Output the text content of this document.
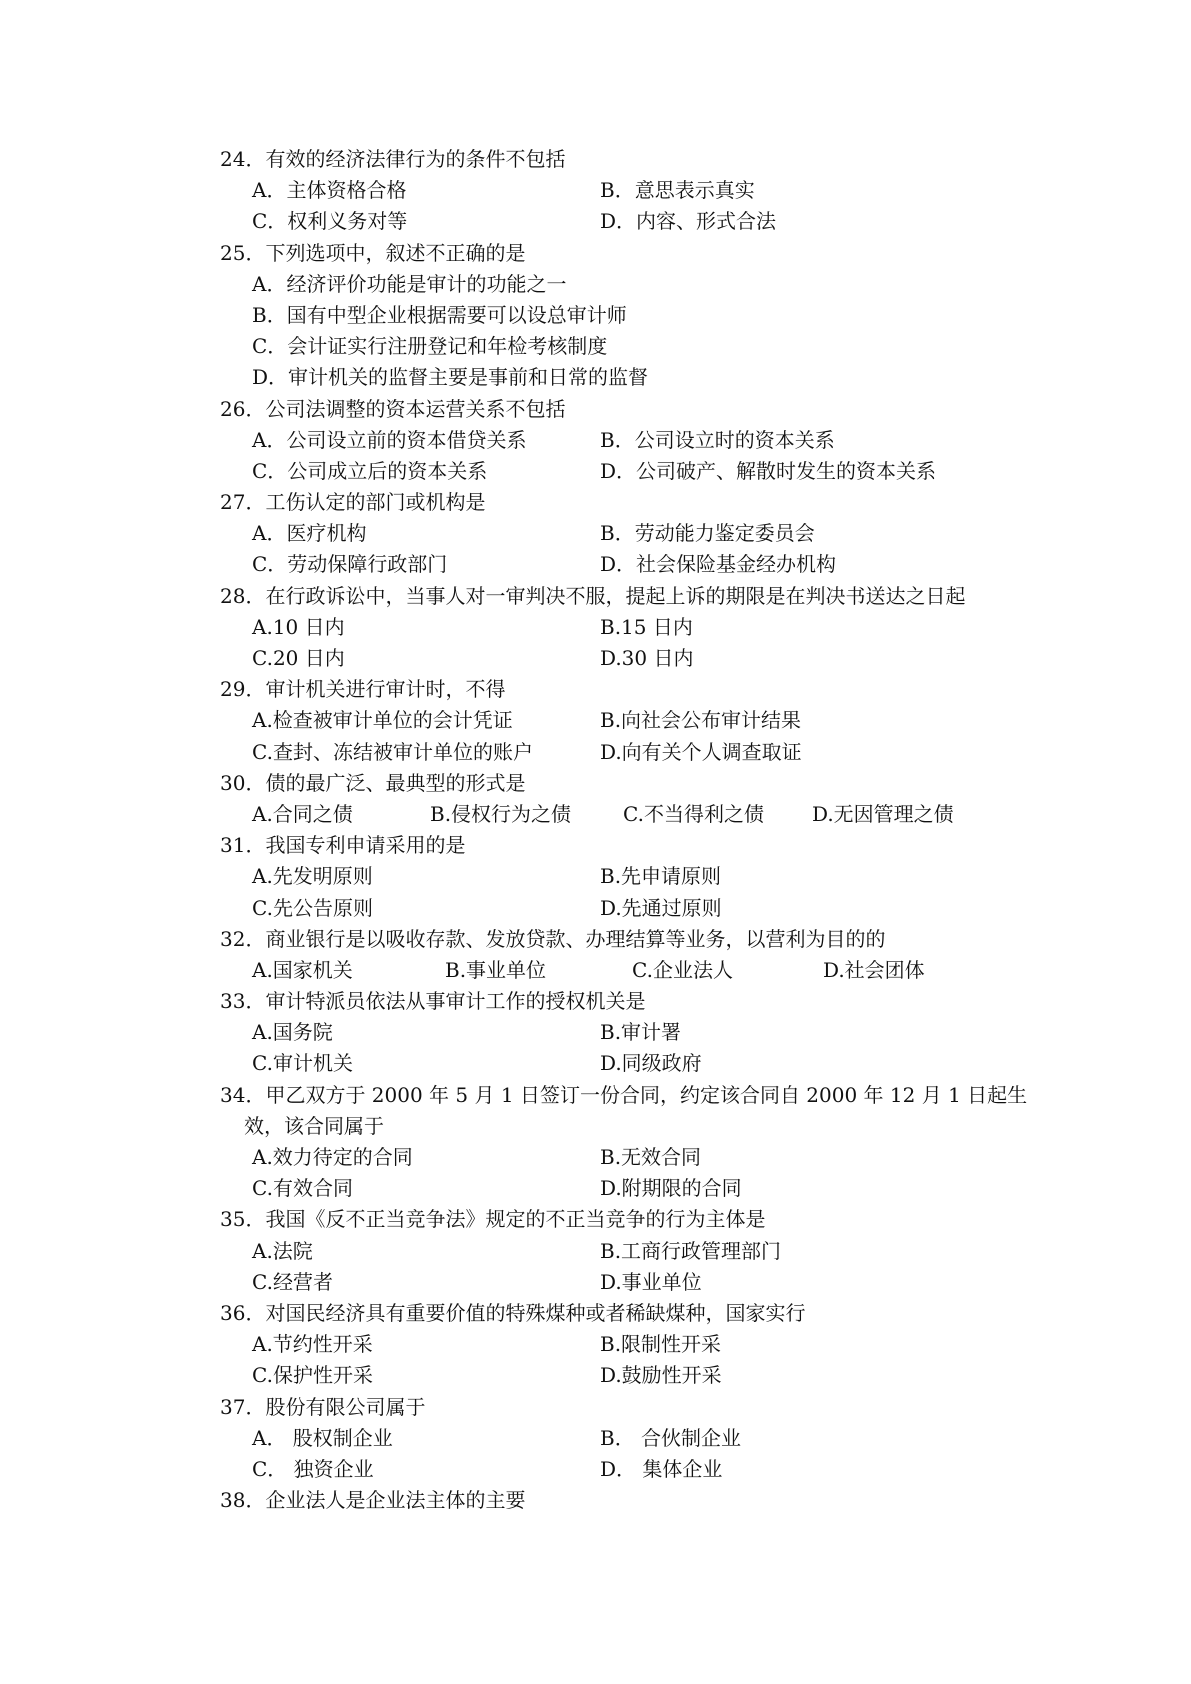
24．有效的经济法律行为的条件不包括
A．主体资格合格	B．意思表示真实
C．权利义务对等	D．内容、形式合法
25．下列选项中，叙述不正确的是
A．经济评价功能是审计的功能之一
B．国有中型企业根据需要可以设总审计师
C．会计证实行注册登记和年检考核制度
D．审计机关的监督主要是事前和日常的监督
26．公司法调整的资本运营关系不包括
A．公司设立前的资本借贷关系	B．公司设立时的资本关系
C．公司成立后的资本关系	D．公司破产、解散时发生的资本关系
27．工伤认定的部门或机构是
A．医疗机构	B．劳动能力鉴定委员会
C．劳动保障行政部门	D．社会保险基金经办机构
28．在行政诉讼中，当事人对一审判决不服，提起上诉的期限是在判决书送达之日起
A.10 日内	B.15 日内
C.20 日内	D.30 日内
29．审计机关进行审计时，不得
A.检查被审计单位的会计凭证	B.向社会公布审计结果
C.查封、冻结被审计单位的账户	D.向有关个人调查取证
30．债的最广泛、最典型的形式是
A.合同之债	B.侵权行为之债	C.不当得利之债 D.无因管理之债
31．我国专利申请采用的是
A.先发明原则	B.先申请原则
C.先公告原则	D.先通过原则
32．商业银行是以吸收存款、发放贷款、办理结算等业务，以营利为目的的
A.国家机关	B.事业单位	C.企业法人	D.社会团体
33．审计特派员依法从事审计工作的授权机关是
A.国务院	B.审计署
C.审计机关	D.同级政府
34．甲乙双方于 2000 年 5 月 1 日签订一份合同，约定该合同自 2000 年 12 月 1 日起生
效，该合同属于
A.效力待定的合同	B.无效合同
C.有效合同	D.附期限的合同
35．我国《反不正当竞争法》规定的不正当竞争的行为主体是
A.法院	B.工商行政管理部门
C.经营者	D.事业单位
36．对国民经济具有重要价值的特殊煤种或者稀缺煤种，国家实行
A.节约性开采	B.限制性开采
C.保护性开采	D.鼓励性开采
37．股份有限公司属于
A． 股权制企业	B． 合伙制企业
C． 独资企业	D． 集体企业
38．企业法人是企业法主体的主要
